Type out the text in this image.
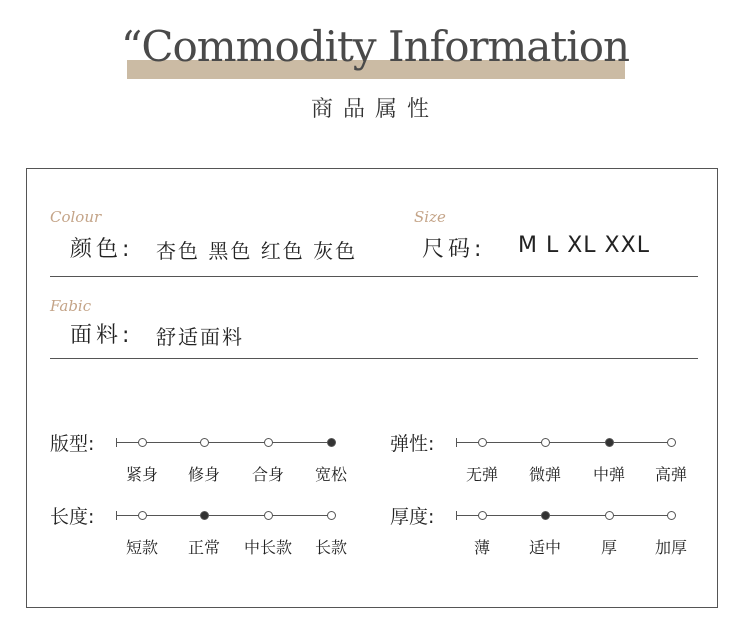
“Commodity Information
商品属性
Colour
颜色: 杏色 黑色 红色 灰色
Size
尺码: M L XL XXL
Fabic
面料: 舒适面料
版型:
紧身	修身	合身	宽松
弹性:
无弹	微弹	中弹	高弹
长度:
短款	正常	中长款	长款
厚度:
薄	适中	厚	加厚
